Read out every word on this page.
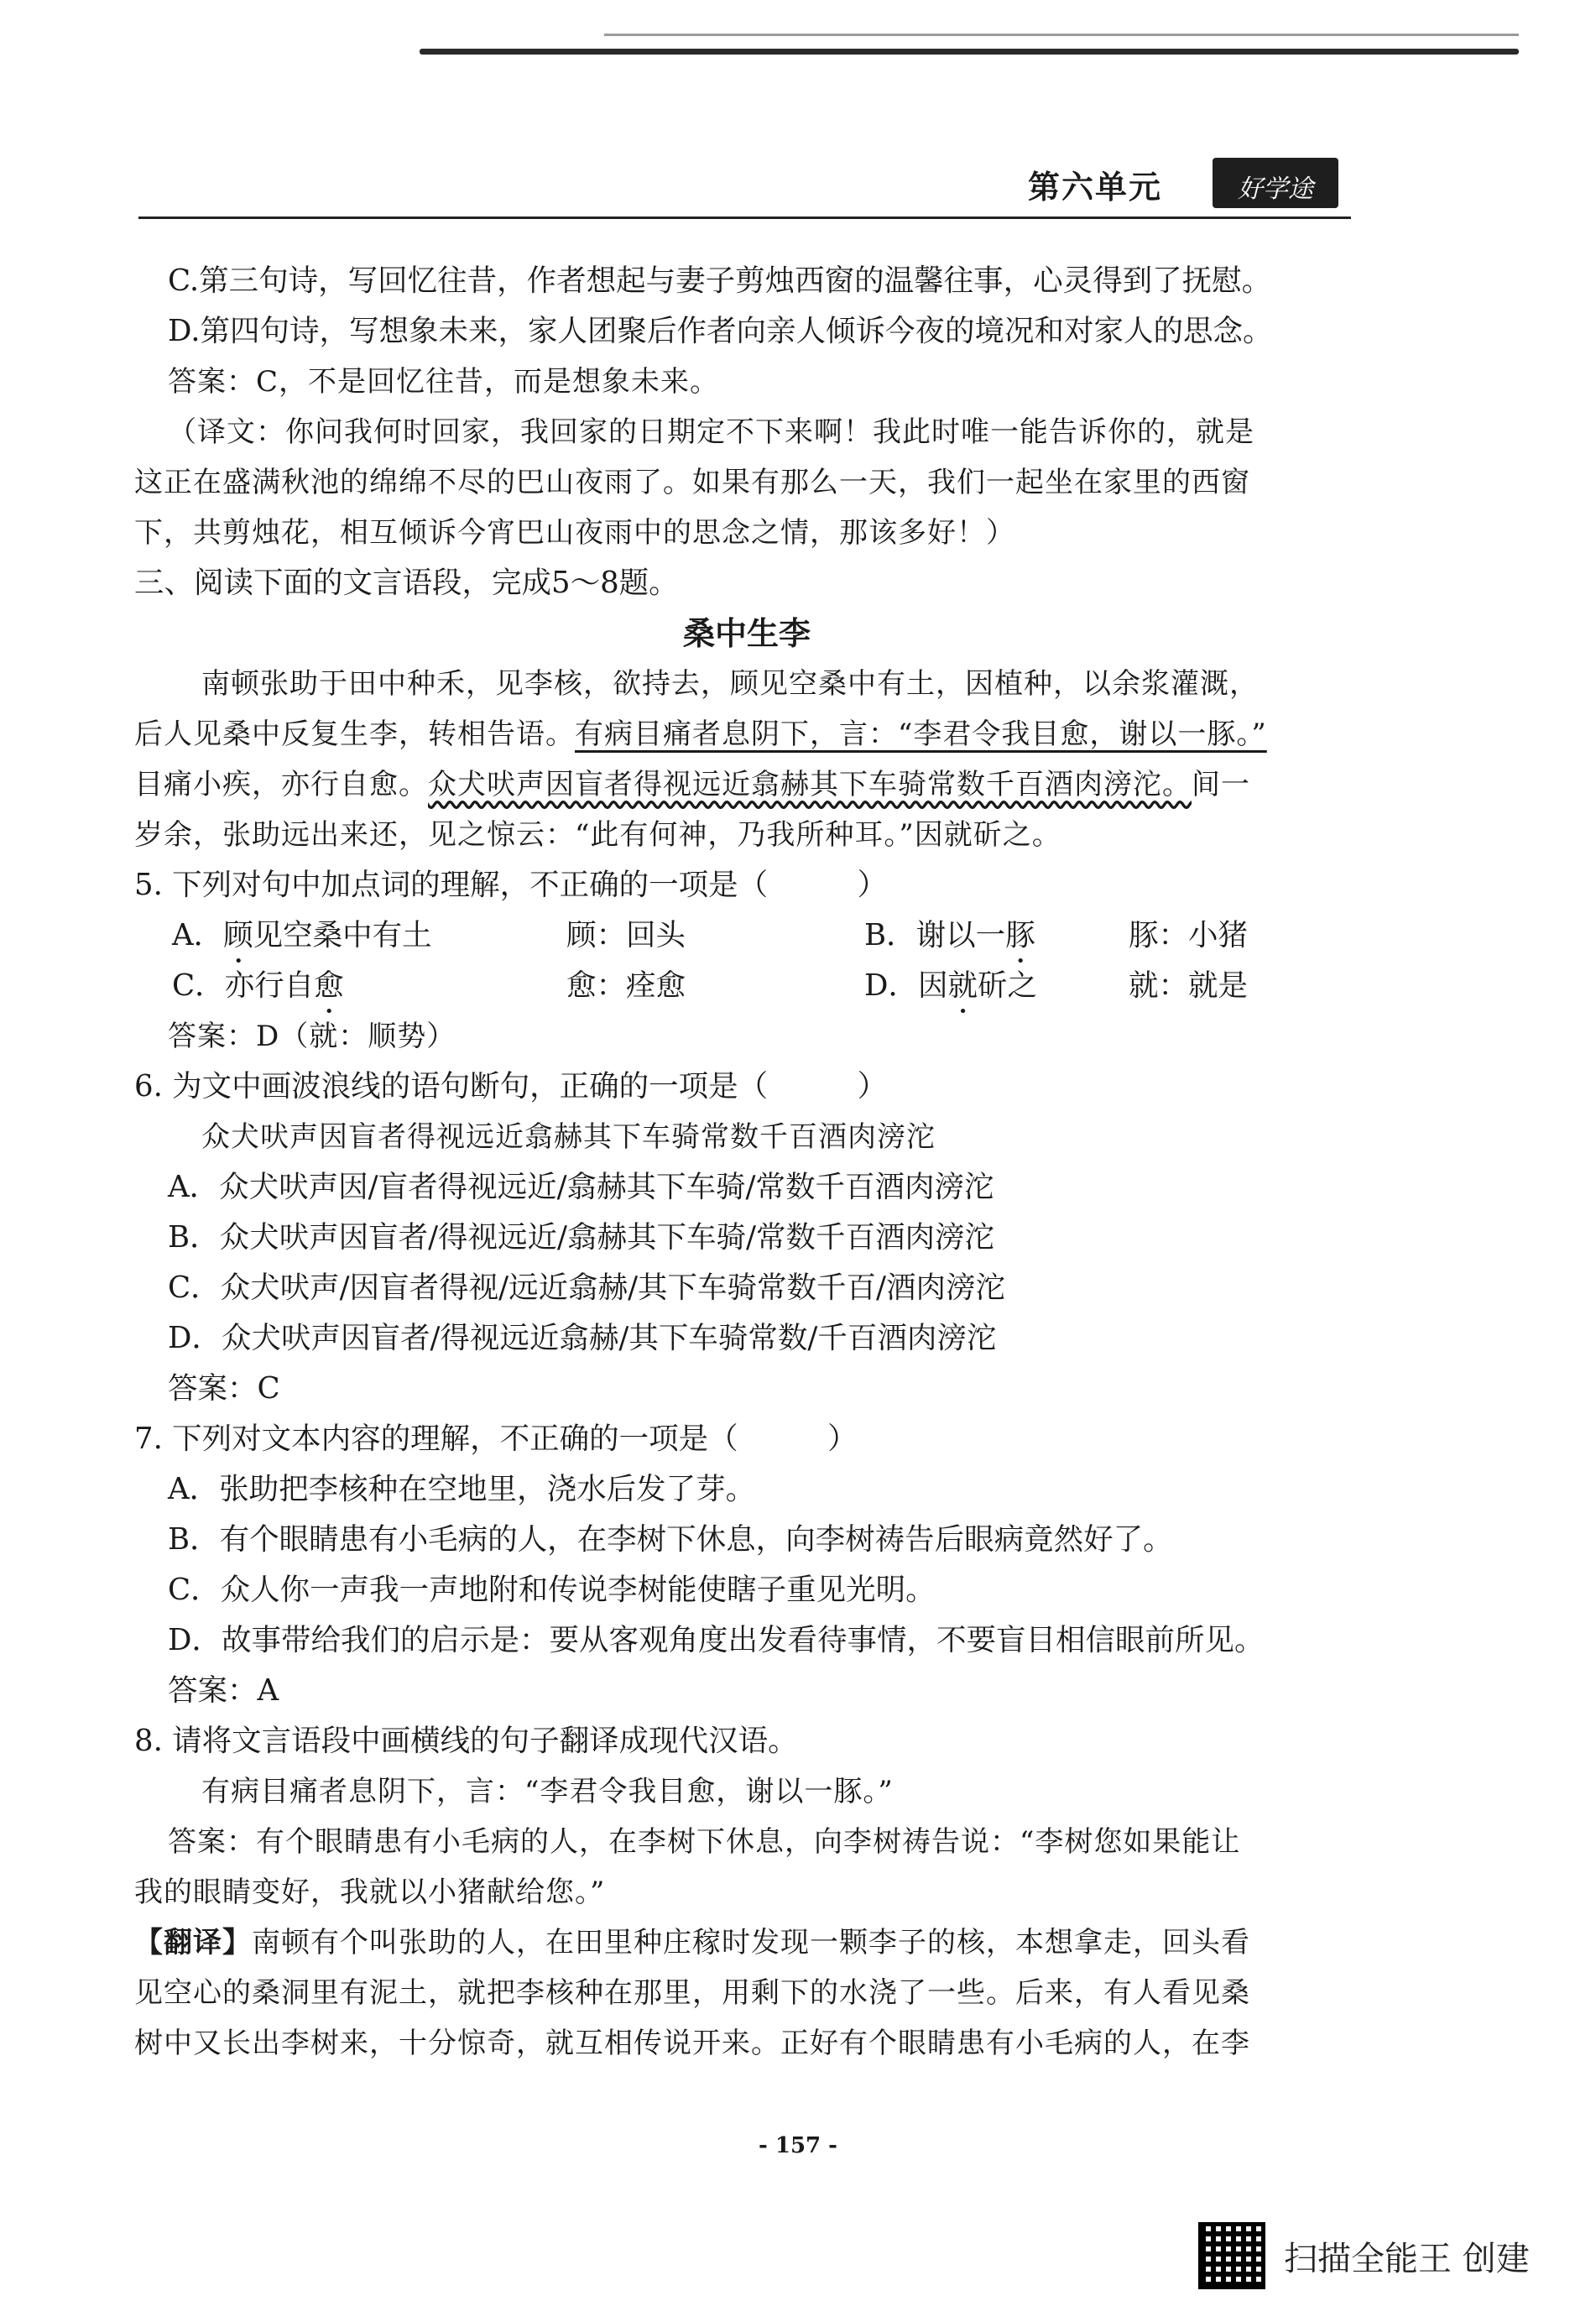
第六单元	好学途
C.第三句诗，写回忆往昔，作者想起与妻子剪烛西窗的温馨往事，心灵得到了抚慰。
D.第四句诗，写想象未来，家人团聚后作者向亲人倾诉今夜的境况和对家人的思念。
答案：C，不是回忆往昔，而是想象未来。
（译文：你问我何时回家，我回家的日期定不下来啊！我此时唯一能告诉你的，就是
这正在盛满秋池的绵绵不尽的巴山夜雨了。如果有那么一天，我们一起坐在家里的西窗
下，共剪烛花，相互倾诉今宵巴山夜雨中的思念之情，那该多好！）
三、阅读下面的文言语段，完成5～8题。
桑中生李
南顿张助于田中种禾，见李核，欲持去，顾见空桑中有土，因植种，以余浆灌溉，
后人见桑中反复生李，转相告语。有病目痛者息阴下，言：“李君令我目愈，谢以一豚。”
目痛小疾，亦行自愈。众犬吠声因盲者得视远近翕赫其下车骑常数千百酒肉滂沱。间一
岁余，张助远出来还，见之惊云：“此有何神，乃我所种耳。”因就斫之。
5. 下列对句中加点词的理解，不正确的一项是（　　　）
A．顾见空桑中有土	顾：回头	B．谢以一豚	豚：小猪
C．亦行自愈	愈：痊愈	D．因就斫之	就：就是
答案：D（就：顺势）
6. 为文中画波浪线的语句断句，正确的一项是（　　　）
众犬吠声因盲者得视远近翕赫其下车骑常数千百酒肉滂沱
A．众犬吠声因/盲者得视远近/翕赫其下车骑/常数千百酒肉滂沱
B．众犬吠声因盲者/得视远近/翕赫其下车骑/常数千百酒肉滂沱
C．众犬吠声/因盲者得视/远近翕赫/其下车骑常数千百/酒肉滂沱
D．众犬吠声因盲者/得视远近翕赫/其下车骑常数/千百酒肉滂沱
答案：C
7. 下列对文本内容的理解，不正确的一项是（　　　）
A．张助把李核种在空地里，浇水后发了芽。
B．有个眼睛患有小毛病的人，在李树下休息，向李树祷告后眼病竟然好了。
C．众人你一声我一声地附和传说李树能使瞎子重见光明。
D．故事带给我们的启示是：要从客观角度出发看待事情，不要盲目相信眼前所见。
答案：A
8. 请将文言语段中画横线的句子翻译成现代汉语。
有病目痛者息阴下，言：“李君令我目愈，谢以一豚。”
答案：有个眼睛患有小毛病的人，在李树下休息，向李树祷告说：“李树您如果能让
我的眼睛变好，我就以小猪献给您。”
【翻译】南顿有个叫张助的人，在田里种庄稼时发现一颗李子的核，本想拿走，回头看
见空心的桑洞里有泥土，就把李核种在那里，用剩下的水浇了一些。后来，有人看见桑
树中又长出李树来，十分惊奇，就互相传说开来。正好有个眼睛患有小毛病的人，在李
- 157 -
扫描全能王 创建
